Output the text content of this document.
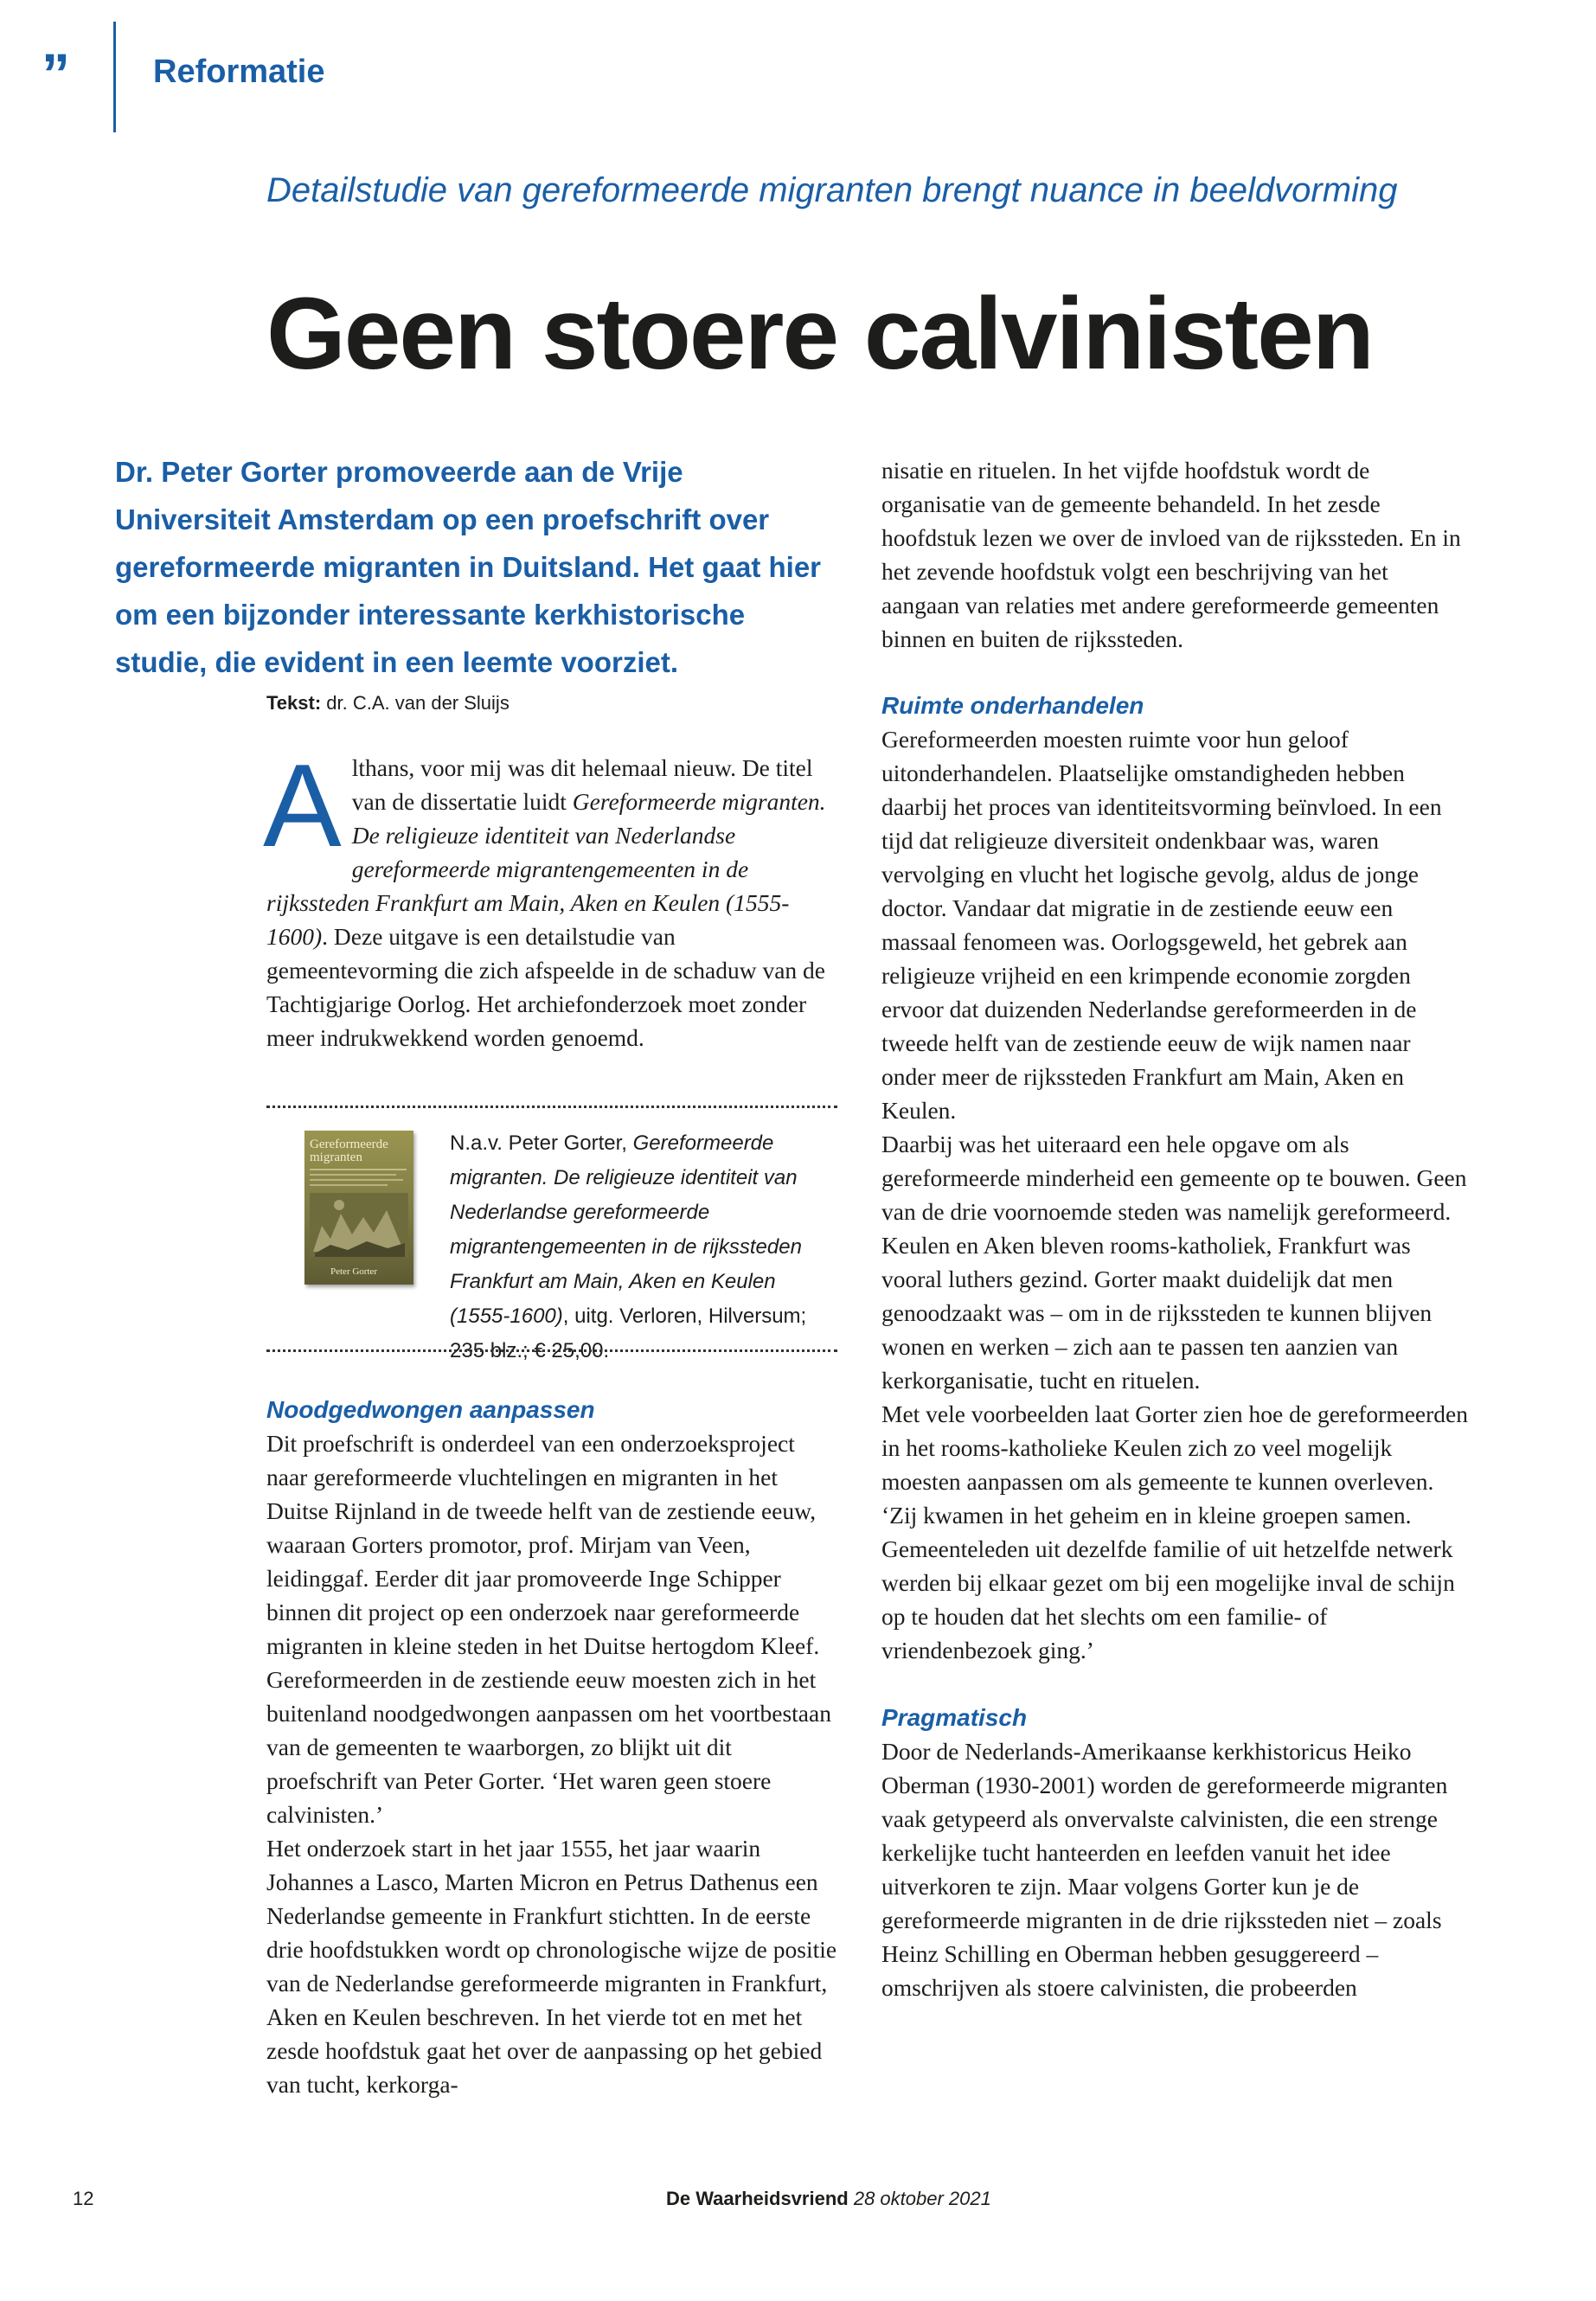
”	Reformatie
Detailstudie van gereformeerde migranten brengt nuance in beeldvorming
Geen stoere calvinisten
Dr. Peter Gorter promoveerde aan de Vrije Universiteit Amsterdam op een proefschrift over gereformeerde migranten in Duitsland. Het gaat hier om een bijzonder interessante kerkhistorische studie, die evident in een leemte voorziet.
Tekst: dr. C.A. van der Sluijs

Althans, voor mij was dit helemaal nieuw. De titel van de dissertatie luidt Gereformeerde migranten. De religieuze identiteit van Nederlandse gereformeerde migrantengemeenten in de rijkssteden Frankfurt am Main, Aken en Keulen (1555-1600). Deze uitgave is een detailstudie van gemeentevorming die zich afspeelde in de schaduw van de Tachtigjarige Oorlog. Het archiefonderzoek moet zonder meer indrukwekkend worden genoemd.

Gereformeerde
migranten
Peter Gorter
N.a.v. Peter Gorter, Gereformeerde migranten. De religieuze identiteit van Nederlandse gereformeerde migrantengemeenten in de rijkssteden Frankfurt am Main, Aken en Keulen (1555-1600), uitg. Verloren, Hilversum; 235 blz.; € 25,00.

Noodgedwongen aanpassen

Dit proefschrift is onderdeel van een onderzoeksproject naar gereformeerde vluchtelingen en migranten in het Duitse Rijnland in de tweede helft van de zestiende eeuw, waaraan Gorters promotor, prof. Mirjam van Veen, leidinggaf. Eerder dit jaar promoveerde Inge Schipper binnen dit project op een onderzoek naar gereformeerde migranten in kleine steden in het Duitse hertogdom Kleef.

Gereformeerden in de zestiende eeuw moesten zich in het buitenland noodgedwongen aanpassen om het voortbestaan van de gemeenten te waarborgen, zo blijkt uit dit proefschrift van Peter Gorter. ‘Het waren geen stoere calvinisten.’

Het onderzoek start in het jaar 1555, het jaar waarin Johannes a Lasco, Marten Micron en Petrus Dathenus een Nederlandse gemeente in Frankfurt stichtten. In de eerste drie hoofdstukken wordt op chronologische wijze de positie van de Nederlandse gereformeerde migranten in Frankfurt, Aken en Keulen beschreven. In het vierde tot en met het zesde hoofdstuk gaat het over de aanpassing op het gebied van tucht, kerkorga-

nisatie en rituelen. In het vijfde hoofdstuk wordt de organisatie van de gemeente behandeld. In het zesde hoofdstuk lezen we over de invloed van de rijkssteden. En in het zevende hoofdstuk volgt een beschrijving van het aangaan van relaties met andere gereformeerde gemeenten binnen en buiten de rijkssteden.

Ruimte onderhandelen

Gereformeerden moesten ruimte voor hun geloof uitonderhandelen. Plaatselijke omstandigheden hebben daarbij het proces van identiteitsvorming beïnvloed. In een tijd dat religieuze diversiteit ondenkbaar was, waren vervolging en vlucht het logische gevolg, aldus de jonge doctor. Vandaar dat migratie in de zestiende eeuw een massaal fenomeen was. Oorlogsgeweld, het gebrek aan religieuze vrijheid en een krimpende economie zorgden ervoor dat duizenden Nederlandse gereformeerden in de tweede helft van de zestiende eeuw de wijk namen naar onder meer de rijkssteden Frankfurt am Main, Aken en Keulen.

Daarbij was het uiteraard een hele opgave om als gereformeerde minderheid een gemeente op te bouwen. Geen van de drie voornoemde steden was namelijk gereformeerd. Keulen en Aken bleven rooms-katholiek, Frankfurt was vooral luthers gezind. Gorter maakt duidelijk dat men genoodzaakt was – om in de rijkssteden te kunnen blijven wonen en werken – zich aan te passen ten aanzien van kerkorganisatie, tucht en rituelen.

Met vele voorbeelden laat Gorter zien hoe de gereformeerden in het rooms-katholieke Keulen zich zo veel mogelijk moesten aanpassen om als gemeente te kunnen overleven. ‘Zij kwamen in het geheim en in kleine groepen samen. Gemeenteleden uit dezelfde familie of uit hetzelfde netwerk werden bij elkaar gezet om bij een mogelijke inval de schijn op te houden dat het slechts om een familie- of vriendenbezoek ging.’

Pragmatisch

Door de Nederlands-Amerikaanse kerkhistoricus Heiko Oberman (1930-2001) worden de gereformeerde migranten vaak getypeerd als onvervalste calvinisten, die een strenge kerkelijke tucht hanteerden en leefden vanuit het idee uitverkoren te zijn. Maar volgens Gorter kun je de gereformeerde migranten in de drie rijkssteden niet – zoals Heinz Schilling en Oberman hebben gesuggereerd – omschrijven als stoere calvinisten, die probeerden

12	De Waarheidsvriend 28 oktober 2021
